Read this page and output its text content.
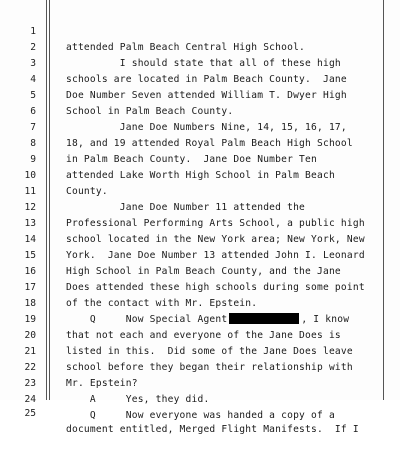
1

attended Palm Beach Central High School.

2

I should state that all of these high

3

schools are located in Palm Beach County.  Jane

4

Doe Number Seven attended William T. Dwyer High

5

School in Palm Beach County.

6

Jane Doe Numbers Nine, 14, 15, 16, 17,

7

18, and 19 attended Royal Palm Beach High School

8

in Palm Beach County.  Jane Doe Number Ten

9

attended Lake Worth High School in Palm Beach

10

County.

11

Jane Doe Number 11 attended the

12

Professional Performing Arts School, a public high

13

school located in the New York area; New York, New

14

York.  Jane Doe Number 13 attended John I. Leonard

15

High School in Palm Beach County, and the Jane

16

Does attended these high schools during some point

17

of the contact with Mr. Epstein.

18

Q     Now Special Agent	, I know

19

that not each and everyone of the Jane Does is

20

listed in this.  Did some of the Jane Does leave

21

school before they began their relationship with

22

Mr. Epstein?

23

A     Yes, they did.

24

Q     Now everyone was handed a copy of a

25

document entitled, Merged Flight Manifests.  If I
